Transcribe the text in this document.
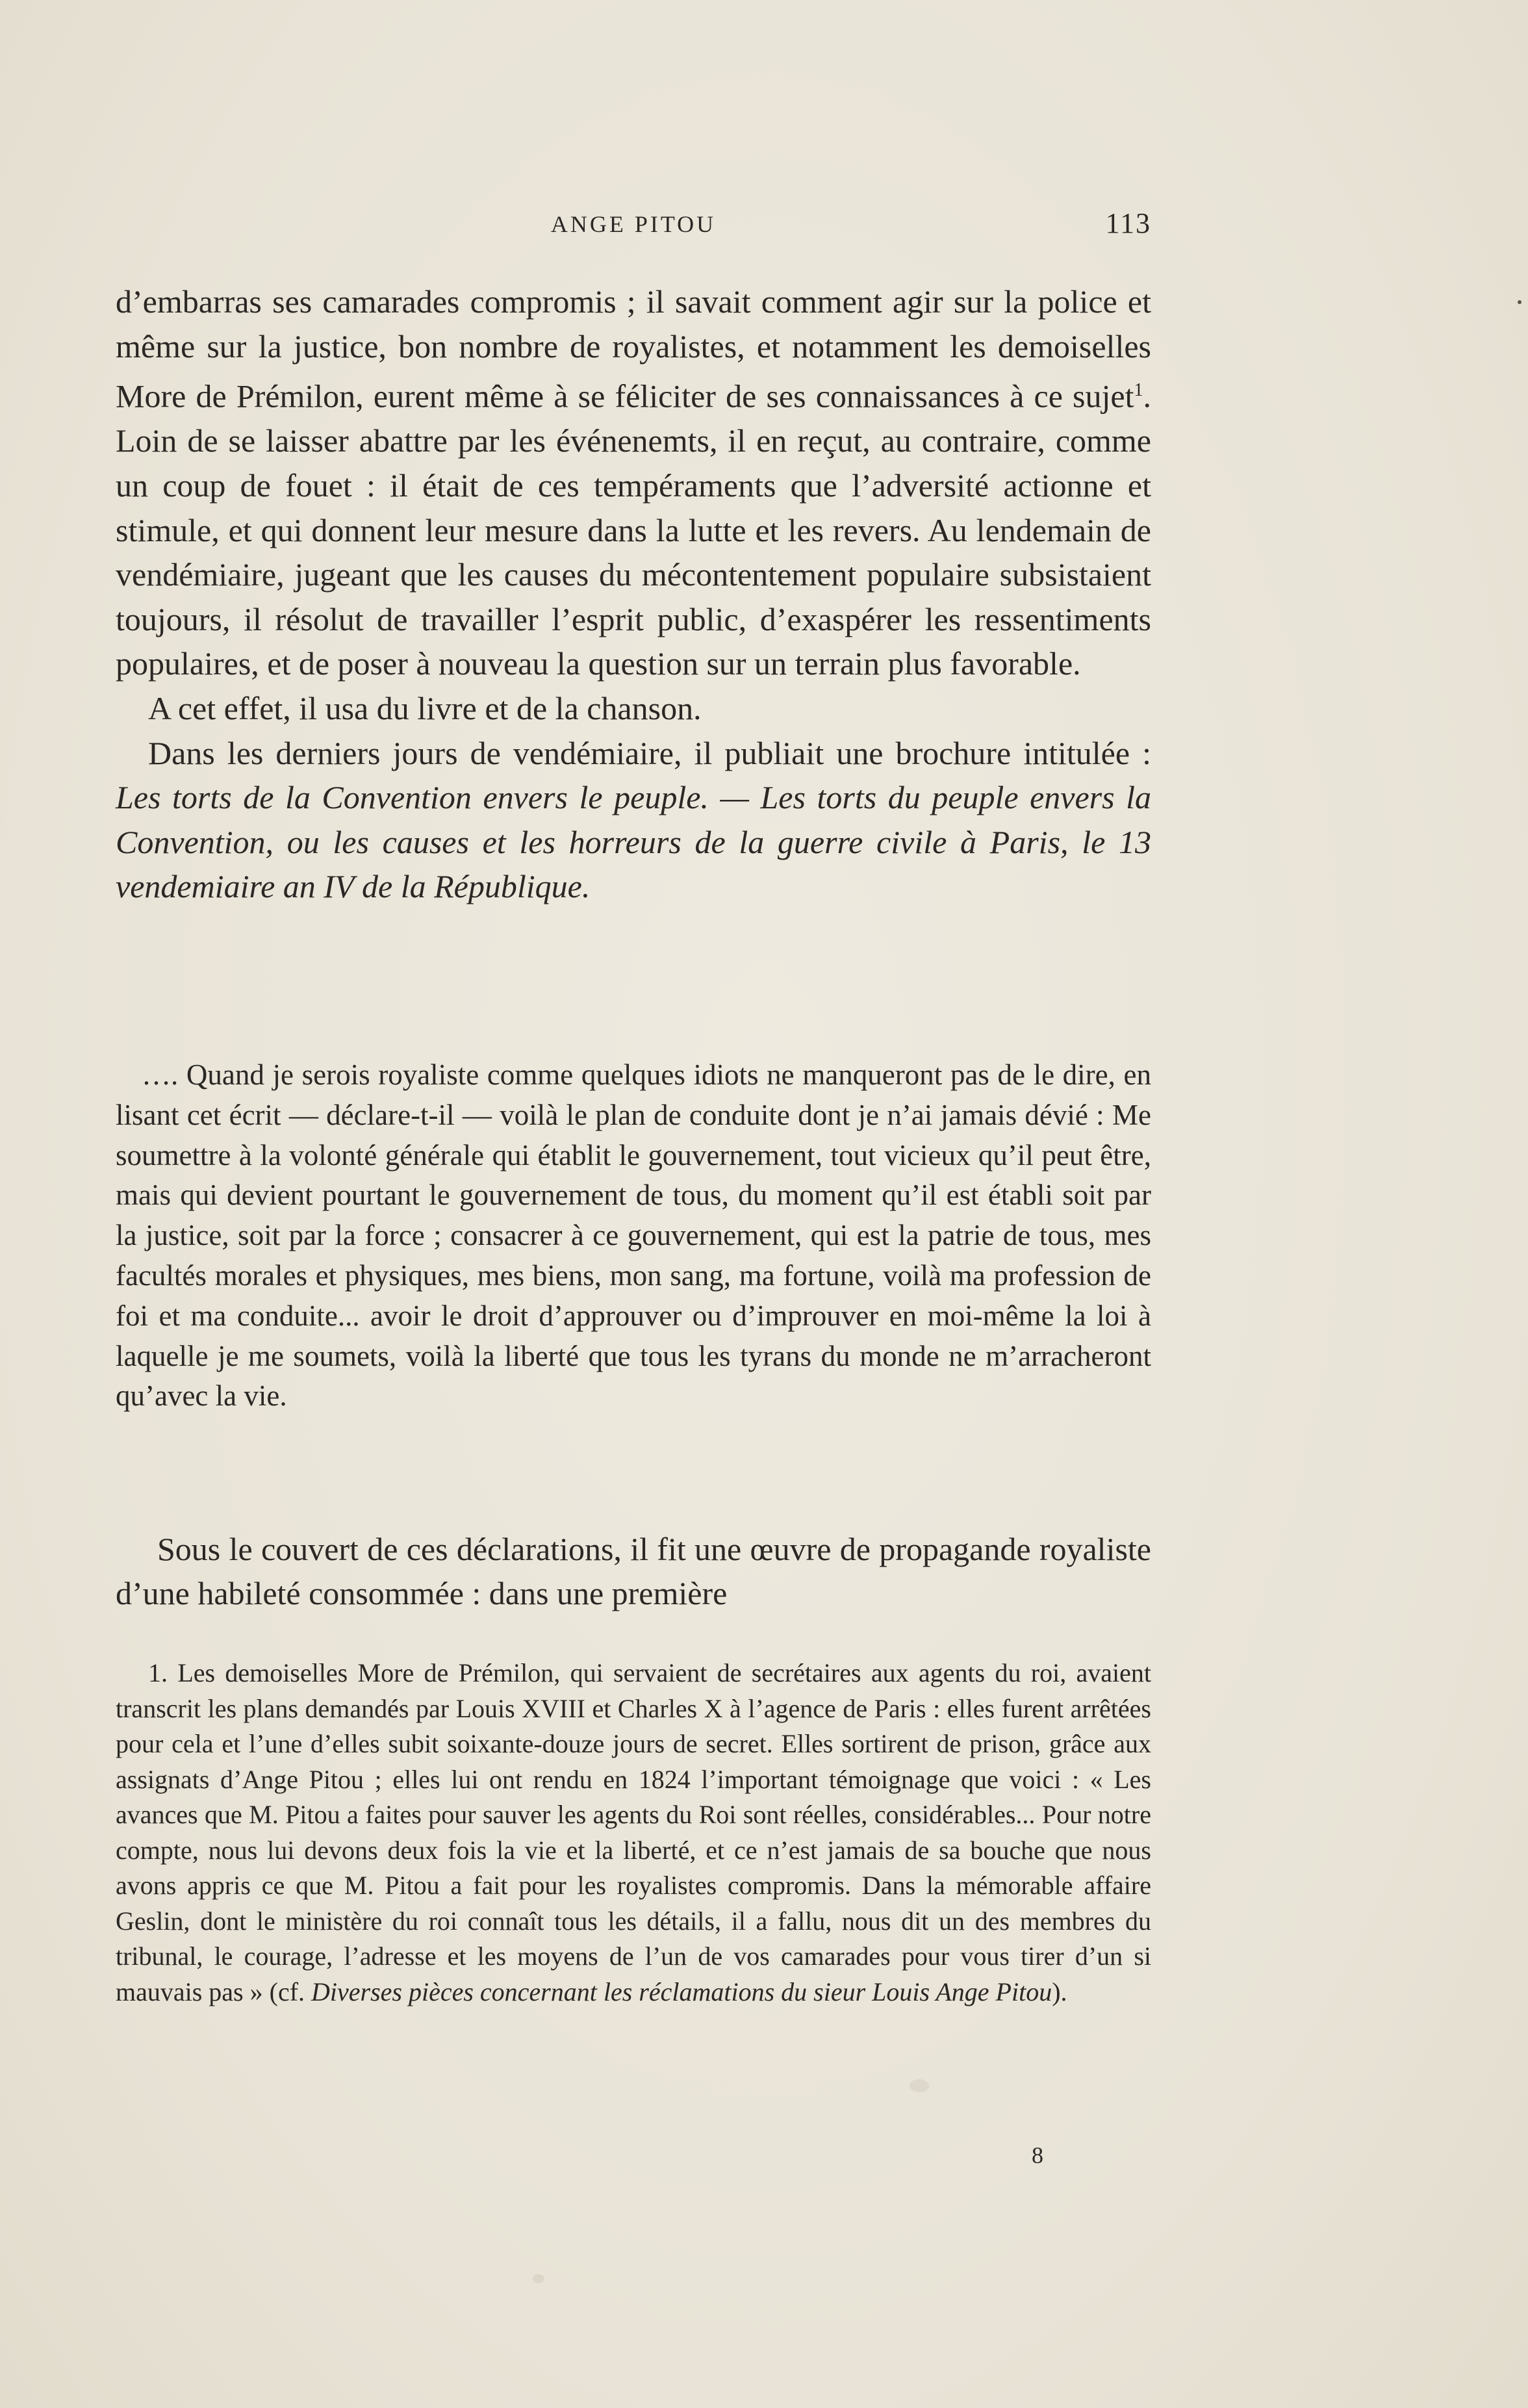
ANGE PITOU	113

d’embarras ses camarades compromis ; il savait comment agir sur la police et même sur la justice, bon nombre de royalistes, et notamment les demoiselles More de Prémilon, eurent même à se féliciter de ses connaissances à ce sujet$^1$. Loin de se laisser abattre par les événenemts, il en reçut, au contraire, comme un coup de fouet : il était de ces tempéraments que l’adversité actionne et stimule, et qui donnent leur mesure dans la lutte et les revers. Au lendemain de vendémiaire, jugeant que les causes du mécontentement populaire subsistaient toujours, il résolut de travailler l’esprit public, d’exaspérer les ressentiments populaires, et de poser à nouveau la question sur un terrain plus favorable.

A cet effet, il usa du livre et de la chanson.

Dans les derniers jours de vendémiaire, il publiait une brochure intitulée : Les torts de la Convention envers le peuple. — Les torts du peuple envers la Convention, ou les causes et les horreurs de la guerre civile à Paris, le 13 vendemiaire an IV de la République.

…. Quand je serois royaliste comme quelques idiots ne manqueront pas de le dire, en lisant cet écrit — déclare-t-il — voilà le plan de conduite dont je n’ai jamais dévié : Me soumettre à la volonté générale qui établit le gouvernement, tout vicieux qu’il peut être, mais qui devient pourtant le gouvernement de tous, du moment qu’il est établi soit par la justice, soit par la force ; consacrer à ce gouvernement, qui est la patrie de tous, mes facultés morales et physiques, mes biens, mon sang, ma fortune, voilà ma profession de foi et ma conduite... avoir le droit d’approuver ou d’improuver en moi-même la loi à laquelle je me soumets, voilà la liberté que tous les tyrans du monde ne m’arracheront qu’avec la vie.

Sous le couvert de ces déclarations, il fit une œuvre de propagande royaliste d’une habileté consommée : dans une première

1. Les demoiselles More de Prémilon, qui servaient de secrétaires aux agents du roi, avaient transcrit les plans demandés par Louis XVIII et Charles X à l’agence de Paris : elles furent arrêtées pour cela et l’une d’elles subit soixante-douze jours de secret. Elles sortirent de prison, grâce aux assignats d’Ange Pitou ; elles lui ont rendu en 1824 l’important témoignage que voici : « Les avances que M. Pitou a faites pour sauver les agents du Roi sont réelles, considérables... Pour notre compte, nous lui devons deux fois la vie et la liberté, et ce n’est jamais de sa bouche que nous avons appris ce que M. Pitou a fait pour les royalistes compromis. Dans la mémorable affaire Geslin, dont le ministère du roi connaît tous les détails, il a fallu, nous dit un des membres du tribunal, le courage, l’adresse et les moyens de l’un de vos camarades pour vous tirer d’un si mauvais pas » (cf. Diverses pièces concernant les réclamations du sieur Louis Ange Pitou).

8
